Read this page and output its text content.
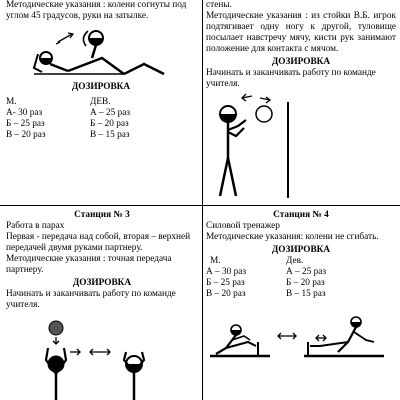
Методические указания : колени согнуты под углом 45 градусов, руки на затылке.

ДОЗИРОВКА

М.	ДЕВ.
А- 30 раз	А – 25 раз
Б – 25 раз	Б – 20 раз
В – 20 раз	В – 15 раз

стены.

Методические указания : из стойки В.Б. игрок подтягивает одну ногу к другой, туловище посылает навстречу мячу, кисти рук занимают положение для контакта с мячом.

ДОЗИРОВКА

Начинать и заканчивать работу по команде учителя.

Станция № 3

Работа в парах

Первая - передача над собой, вторая – верхней передачей двумя руками партнеру.

Методические указания : точная передача партнеру.

ДОЗИРОВКА

Начинать и заканчивать работу по команде учителя.

Станция № 4

Силовой тренажер

Методические указания: колени не сгибать.

ДОЗИРОВКА

М.	Дев.
А – 30 раз	А – 25 раз
Б – 25 раз	Б – 20 раз
В – 20 раз	В – 15 раз
